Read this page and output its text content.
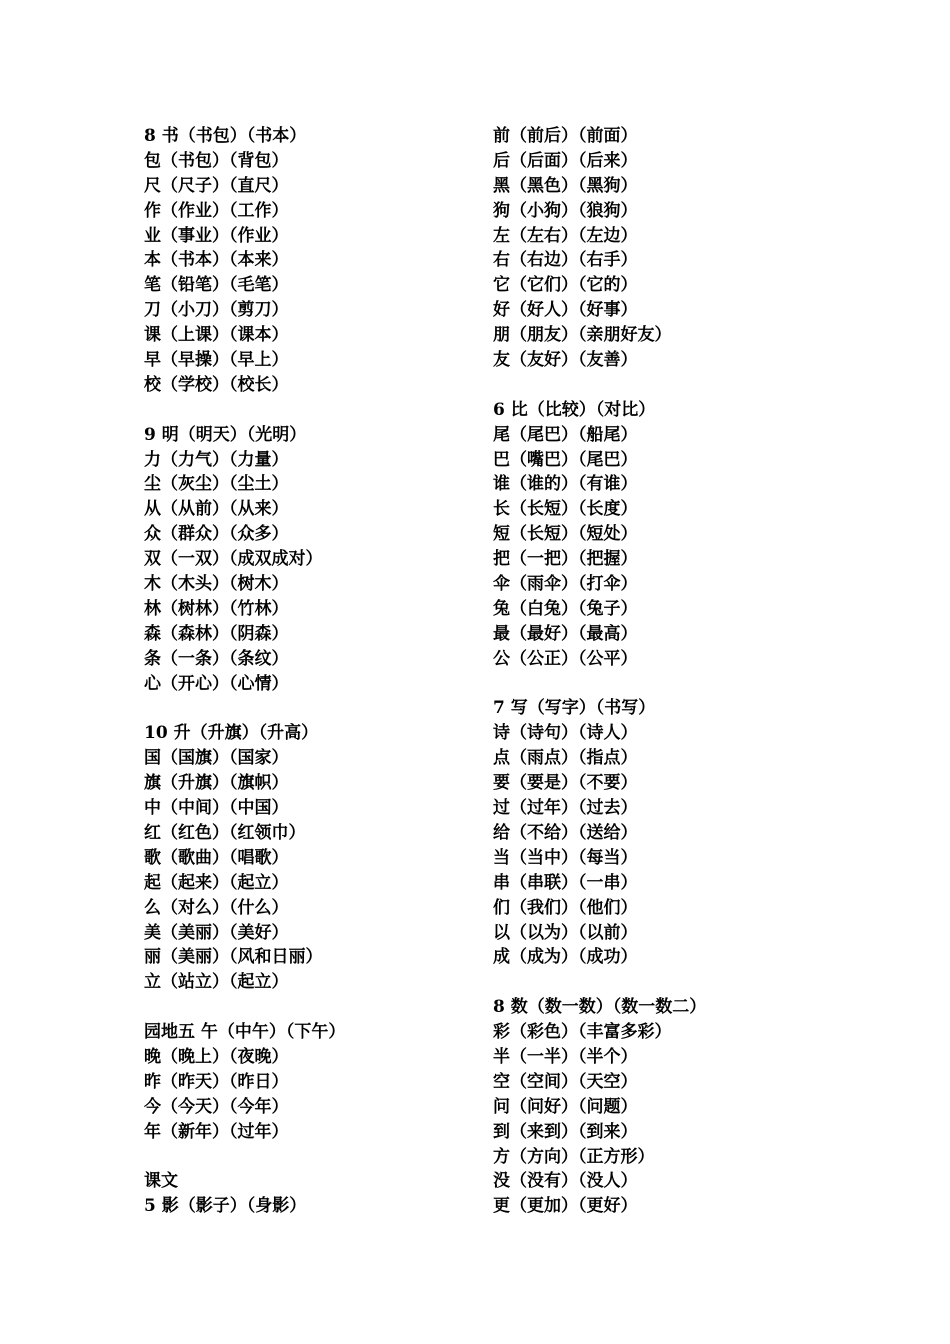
8 书（书包）（书本）
包（书包）（背包）
尺（尺子）（直尺）
作（作业）（工作）
业（事业）（作业）
本（书本）（本来）
笔（铅笔）（毛笔）
刀（小刀）（剪刀）
课（上课）（课本）
早（早操）（早上）
校（学校）（校长）
9 明（明天）（光明）
力（力气）（力量）
尘（灰尘）（尘土）
从（从前）（从来）
众（群众）（众多）
双（一双）（成双成对）
木（木头）（树木）
林（树林）（竹林）
森（森林）（阴森）
条（一条）（条纹）
心（开心）（心情）
10 升（升旗）（升高）
国（国旗）（国家）
旗（升旗）（旗帜）
中（中间）（中国）
红（红色）（红领巾）
歌（歌曲）（唱歌）
起（起来）（起立）
么（对么）（什么）
美（美丽）（美好）
丽（美丽）（风和日丽）
立（站立）（起立）
园地五 午（中午）（下午）
晚（晚上）（夜晚）
昨（昨天）（昨日）
今（今天）（今年）
年（新年）（过年）
课文
5 影（影子）（身影）
前（前后）（前面）
后（后面）（后来）
黑（黑色）（黑狗）
狗（小狗）（狼狗）
左（左右）（左边）
右（右边）（右手）
它（它们）（它的）
好（好人）（好事）
朋（朋友）（亲朋好友）
友（友好）（友善）
6 比（比较）（对比）
尾（尾巴）（船尾）
巴（嘴巴）（尾巴）
谁（谁的）（有谁）
长（长短）（长度）
短（长短）（短处）
把（一把）（把握）
伞（雨伞）（打伞）
兔（白兔）（兔子）
最（最好）（最高）
公（公正）（公平）
7 写（写字）（书写）
诗（诗句）（诗人）
点（雨点）（指点）
要（要是）（不要）
过（过年）（过去）
给（不给）（送给）
当（当中）（每当）
串（串联）（一串）
们（我们）（他们）
以（以为）（以前）
成（成为）（成功）
8 数（数一数）（数一数二）
彩（彩色）（丰富多彩）
半（一半）（半个）
空（空间）（天空）
问（问好）（问题）
到（来到）（到来）
方（方向）（正方形）
没（没有）（没人）
更（更加）（更好）
